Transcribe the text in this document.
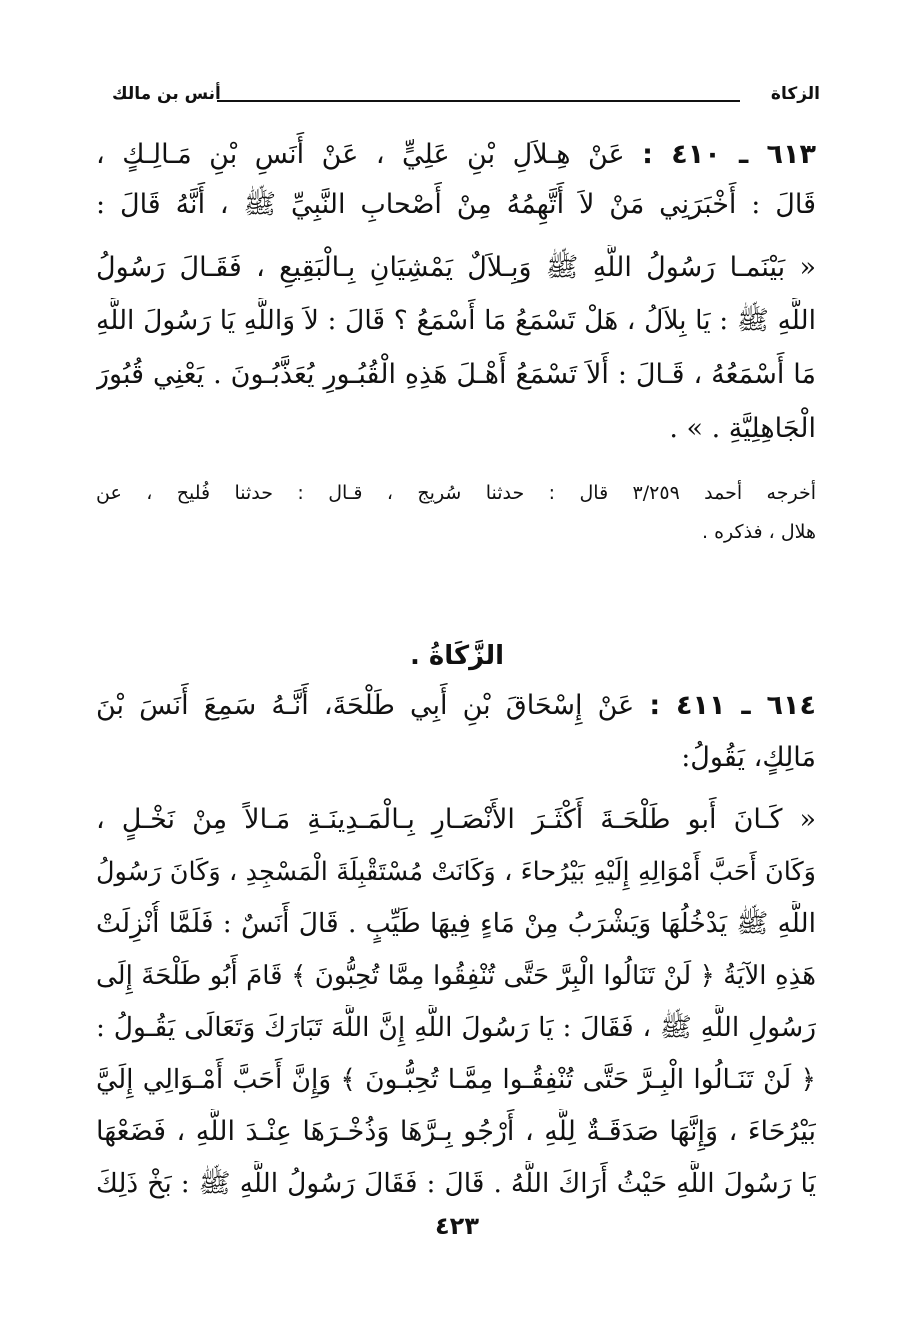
الزكاة
أنس بن مالك
٦١٣ ـ ٤١٠ : عَنْ هِـلاَلِ بْنِ عَلِيٍّ ، عَنْ أَنَسِ بْنِ مَـالِـكٍ ،
قَالَ : أَخْبَرَنِي مَنْ لاَ أَتَّهِمُهُ مِنْ أَصْحابِ النَّبِيِّ ﷺ ، أَنَّهُ قَالَ :
« بَيْنَمـا رَسُولُ اللَّهِ ﷺ وَبِـلاَلٌ يَمْشِيَانِ بِـالْبَقِيعِ ، فَقَـالَ رَسُولُ
اللَّهِ ﷺ : يَا بِلاَلُ ، هَلْ تَسْمَعُ مَا أَسْمَعُ ؟ قَالَ : لاَ وَاللَّهِ يَا رَسُولَ اللَّهِ
مَا أَسْمَعُهُ ، قَـالَ : أَلاَ تَسْمَعُ أَهْـلَ هَذِهِ الْقُبُـورِ يُعَذَّبُـونَ . يَعْنِي قُبُورَ
الْجَاهِلِيَّةِ . » .
أخرجه أحمد ٣/٢٥٩ قال : حدثنا سُريج ، قـال : حدثنا فُليح ، عن
هلال ، فذكره .
الزَّكَاةُ .
٦١٤ ـ ٤١١ : عَنْ إِسْحَاقَ بْنِ أَبِي طَلْحَةَ، أَنَّـهُ سَمِعَ أَنَسَ بْنَ
مَالِكٍ، يَقُولُ:
« كَـانَ أَبو طَلْحَـةَ أَكْثَـرَ الأَنْصَـارِ بِـالْمَـدِينَـةِ مَـالاً مِنْ نَخْـلٍ ،
وَكَانَ أَحَبَّ أَمْوَالِهِ إِلَيْهِ بَيْرُحاءَ ، وَكَانَتْ مُسْتَقْبِلَةَ الْمَسْجِدِ ، وَكَانَ رَسُولُ
اللَّهِ ﷺ يَدْخُلُهَا وَيَشْرَبُ مِنْ مَاءٍ فِيهَا طَيِّبٍ . قَالَ أَنَسٌ : فَلَمَّا أُنْزِلَتْ
هَذِهِ الآيَةُ ﴿ لَنْ تَنَالُوا الْبِرَّ حَتَّى تُنْفِقُوا مِمَّا تُحِبُّونَ ﴾ قَامَ أَبُو طَلْحَةَ إِلَى
رَسُولِ اللَّهِ ﷺ ، فَقَالَ : يَا رَسُولَ اللَّهِ إِنَّ اللَّهَ تَبَارَكَ وَتَعَالَى يَقُـولُ :
﴿ لَنْ تَنَـالُوا الْبِـرَّ حَتَّى تُنْفِقُـوا مِمَّـا تُحِبُّـونَ ﴾ وَإِنَّ أَحَبَّ أَمْـوَالِي إِلَيَّ
بَيْرُحَاءَ ، وَإِنَّهَا صَدَقَـةٌ لِلَّهِ ، أَرْجُو بِـرَّهَا وَذُخْـرَهَا عِنْـدَ اللَّهِ ، فَضَعْهَا
يَا رَسُولَ اللَّهِ حَيْثُ أَرَاكَ اللَّهُ . قَالَ : فَقَالَ رَسُولُ اللَّهِ ﷺ : بَخْ ذَلِكَ
٤٢٣
